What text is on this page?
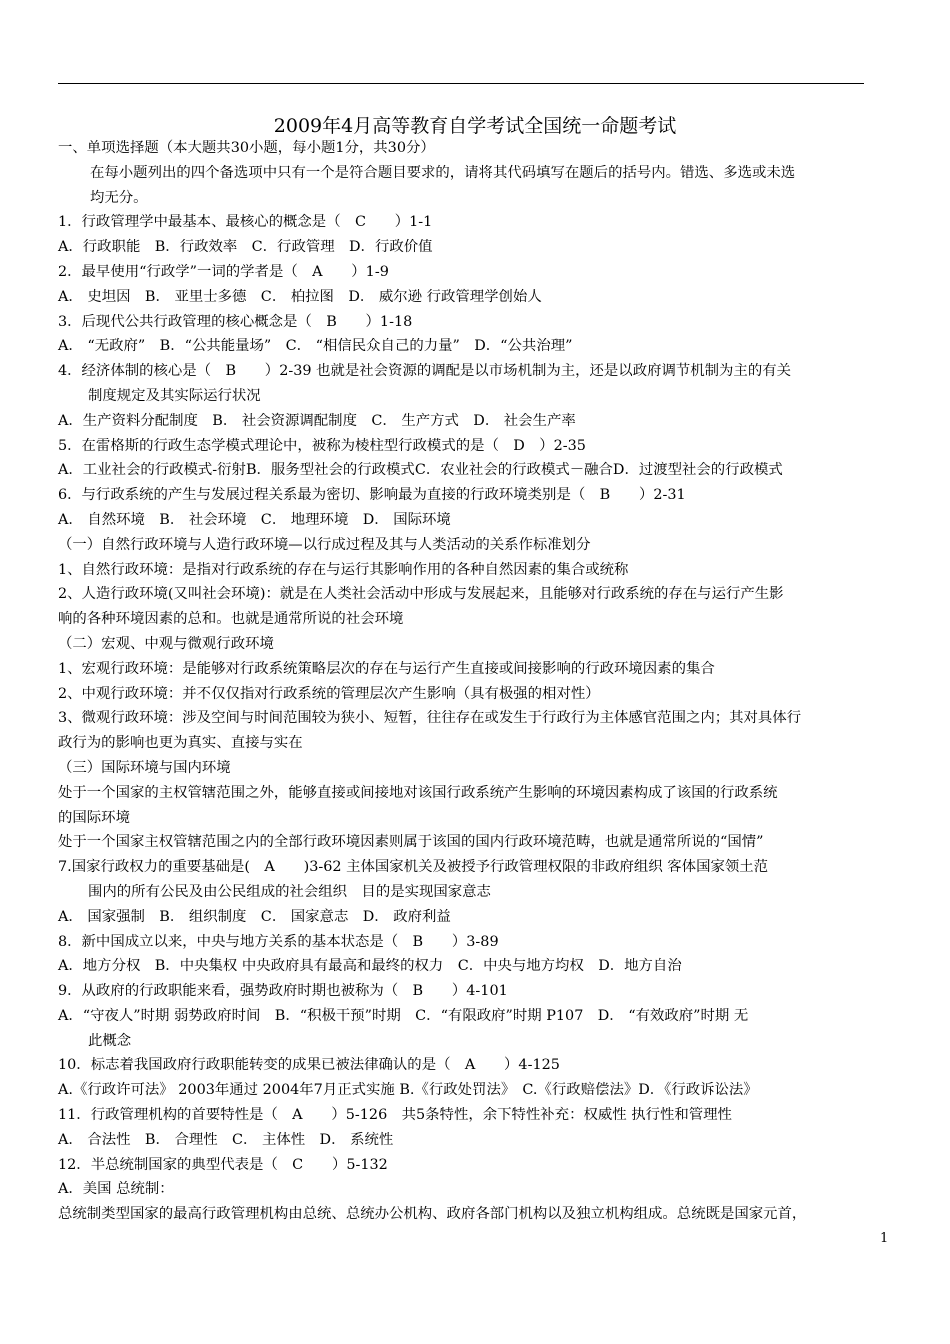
2009年4月高等教育自学考试全国统一命题考试
一、单项选择题（本大题共30小题，每小题1分，共30分）
在每小题列出的四个备选项中只有一个是符合题目要求的，请将其代码填写在题后的括号内。错选、多选或未选
均无分。
1．行政管理学中最基本、最核心的概念是（　C　　）1-1
A．行政职能　B．行政效率　C．行政管理　D．行政价值
2．最早使用“行政学”一词的学者是（　A　　）1-9
A． 史坦因　B． 亚里士多德　C． 柏拉图　D． 威尔逊 行政管理学创始人
3．后现代公共行政管理的核心概念是（　B　　）1-18
A． “无政府”　B．“公共能量场”　C． “相信民众自己的力量”　D．“公共治理”
4．经济体制的核心是（　B　　）2-39 也就是社会资源的调配是以市场机制为主，还是以政府调节机制为主的有关
制度规定及其实际运行状况
A．生产资料分配制度　B． 社会资源调配制度　C． 生产方式　D． 社会生产率
5．在雷格斯的行政生态学模式理论中，被称为棱柱型行政模式的是（　D　）2-35
A．工业社会的行政模式-衍射B．服务型社会的行政模式C．农业社会的行政模式－融合D．过渡型社会的行政模式
6．与行政系统的产生与发展过程关系最为密切、影响最为直接的行政环境类别是（　B　　）2-31
A． 自然环境　B． 社会环境　C． 地理环境　D． 国际环境
（一）自然行政环境与人造行政环境—以行成过程及其与人类活动的关系作标准划分
1、自然行政环境：是指对行政系统的存在与运行其影响作用的各种自然因素的集合或统称
2、人造行政环境(又叫社会环境)：就是在人类社会活动中形成与发展起来，且能够对行政系统的存在与运行产生影
响的各种环境因素的总和。也就是通常所说的社会环境
（二）宏观、中观与微观行政环境
1、宏观行政环境：是能够对行政系统策略层次的存在与运行产生直接或间接影响的行政环境因素的集合
2、中观行政环境：并不仅仅指对行政系统的管理层次产生影响（具有极强的相对性）
3、微观行政环境：涉及空间与时间范围较为狭小、短暂，往往存在或发生于行政行为主体感官范围之内；其对具体行
政行为的影响也更为真实、直接与实在
（三）国际环境与国内环境
处于一个国家的主权管辖范围之外，能够直接或间接地对该国行政系统产生影响的环境因素构成了该国的行政系统
的国际环境
处于一个国家主权管辖范围之内的全部行政环境因素则属于该国的国内行政环境范畴，也就是通常所说的“国情”
7.国家行政权力的重要基础是(　A　　)3-62 主体国家机关及被授予行政管理权限的非政府组织 客体国家领土范
围内的所有公民及由公民组成的社会组织　目的是实现国家意志
A． 国家强制　B． 组织制度　C． 国家意志　D． 政府利益
8．新中国成立以来，中央与地方关系的基本状态是（　B　　）3-89
A．地方分权　B．中央集权 中央政府具有最高和最终的权力　C．中央与地方均权　D．地方自治
9．从政府的行政职能来看，强势政府时期也被称为（　B　　）4-101
A．“守夜人”时期 弱势政府时间　B．“积极干预”时期　C．“有限政府”时期 P107　D． “有效政府”时期 无
此概念
10．标志着我国政府行政职能转变的成果已被法律确认的是（　A　　）4-125
A.《行政许可法》 2003年通过 2004年7月正式实施 B.《行政处罚法》　C.《行政赔偿法》D．《行政诉讼法》
11．行政管理机构的首要特性是（　A　　）5-126　共5条特性，余下特性补充：权威性 执行性和管理性
A． 合法性　B． 合理性　C． 主体性　D． 系统性
12．半总统制国家的典型代表是（　C　　）5-132
A．美国 总统制：
总统制类型国家的最高行政管理机构由总统、总统办公机构、政府各部门机构以及独立机构组成。总统既是国家元首，
1
